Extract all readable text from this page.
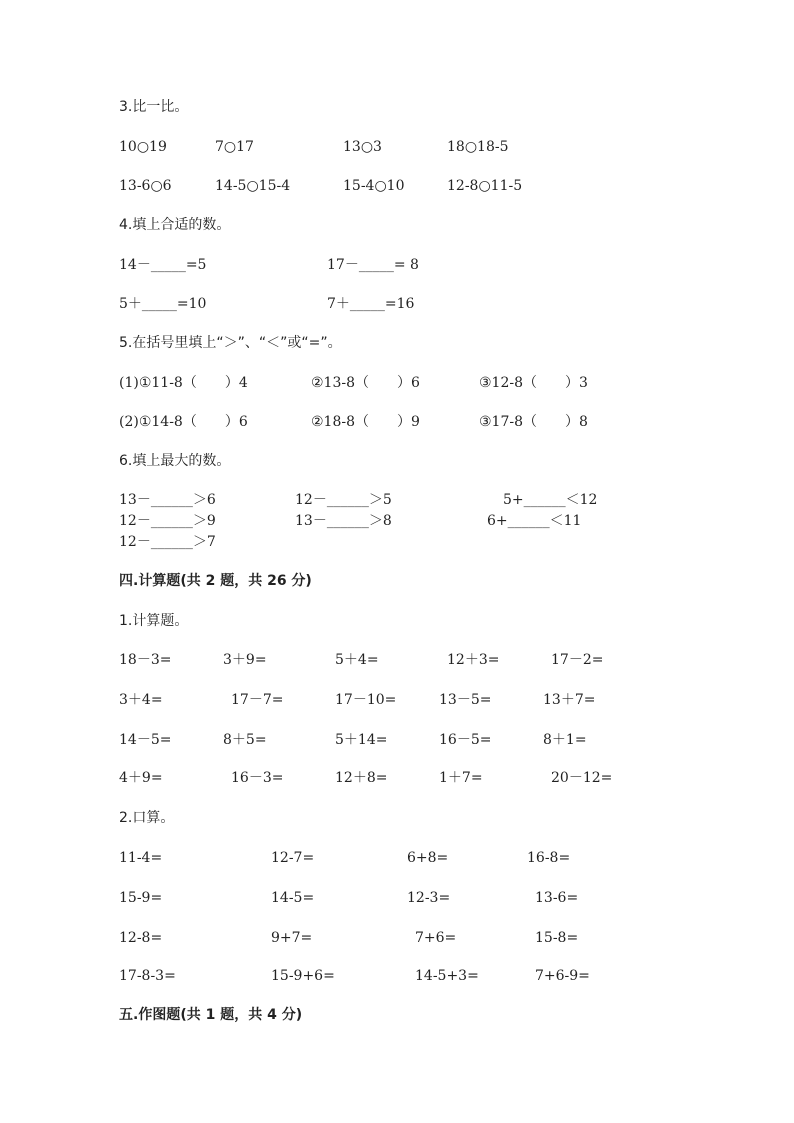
3.比一比。
10○19	7○17	13○3	18○18-5
13-6○6	14-5○15-4	15-4○10	12-8○11-5
4.填上合适的数。
14－_____=5	17－_____= 8
5＋_____=10	7＋_____=16
5.在括号里填上“＞”、“＜”或“=”。
(1)①11-8（　　）4	②13-8（　　）6	③12-8（　　）3
(2)①14-8（　　）6	②18-8（　　）9	③17-8（　　）8
6.填上最大的数。
13－______＞6	12－______＞5	5+______＜12
12－______＞9	13－______＞8	6+______＜11
12－______＞7
四.计算题(共 2 题，共 26 分)
1.计算题。
18－3=	3＋9=	5＋4=	12＋3=	17－2=
3＋4=	17－7=	17－10=	13－5=	13＋7=
14－5=	8＋5=	5＋14=	16－5=	8＋1=
4＋9=	16－3=	12＋8=	1＋7=	20－12=
2.口算。
11-4=	12-7=	6+8=	16-8=
15-9=	14-5=	12-3=	13-6=
12-8=	9+7=	7+6=	15-8=
17-8-3=	15-9+6=	14-5+3=	7+6-9=
五.作图题(共 1 题，共 4 分)
